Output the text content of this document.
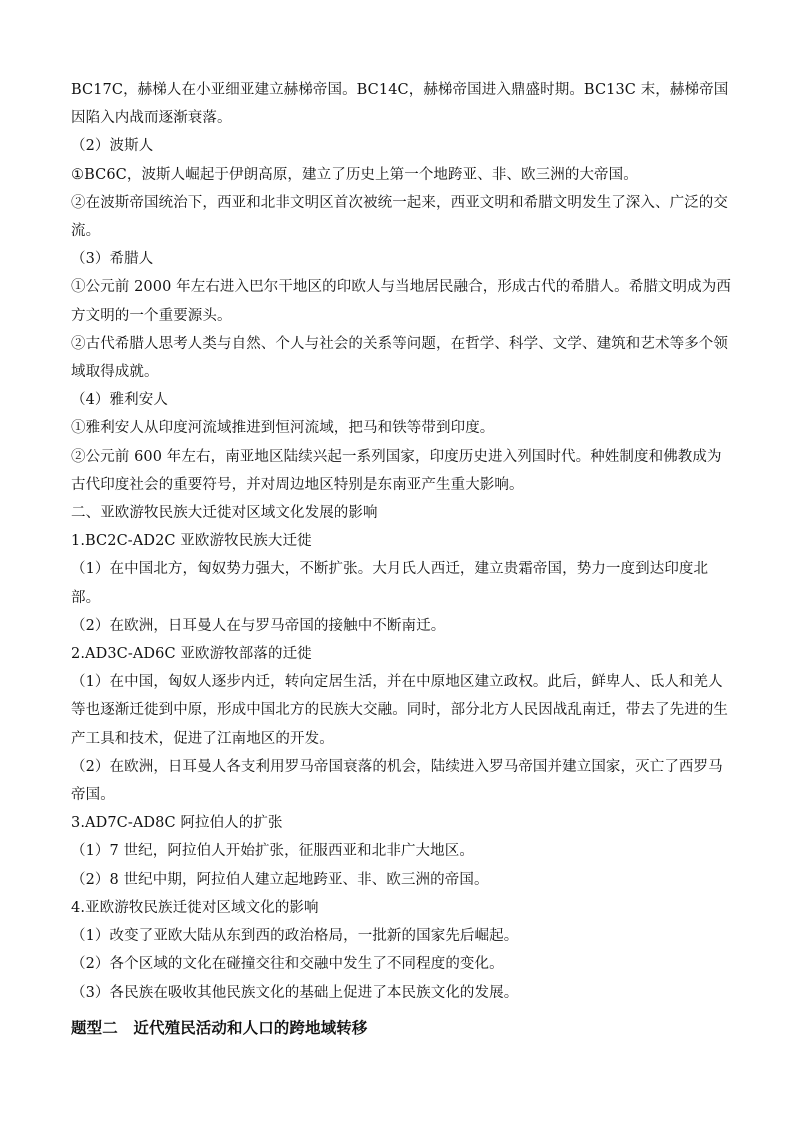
BC17C，赫梯人在小亚细亚建立赫梯帝国。BC14C，赫梯帝国进入鼎盛时期。BC13C 末，赫梯帝国因陷入内战而逐渐衰落。

（2）波斯人

①BC6C，波斯人崛起于伊朗高原，建立了历史上第一个地跨亚、非、欧三洲的大帝国。

②在波斯帝国统治下，西亚和北非文明区首次被统一起来，西亚文明和希腊文明发生了深入、广泛的交流。

（3）希腊人

①公元前 2000 年左右进入巴尔干地区的印欧人与当地居民融合，形成古代的希腊人。希腊文明成为西方文明的一个重要源头。

②古代希腊人思考人类与自然、个人与社会的关系等问题，在哲学、科学、文学、建筑和艺术等多个领域取得成就。

（4）雅利安人

①雅利安人从印度河流域推进到恒河流域，把马和铁等带到印度。

②公元前 600 年左右，南亚地区陆续兴起一系列国家，印度历史进入列国时代。种姓制度和佛教成为古代印度社会的重要符号，并对周边地区特别是东南亚产生重大影响。

二、亚欧游牧民族大迁徙对区域文化发展的影响

1.BC2C-AD2C 亚欧游牧民族大迁徙

（1）在中国北方，匈奴势力强大，不断扩张。大月氏人西迁，建立贵霜帝国，势力一度到达印度北部。

（2）在欧洲，日耳曼人在与罗马帝国的接触中不断南迁。

2.AD3C-AD6C 亚欧游牧部落的迁徙

（1）在中国，匈奴人逐步内迁，转向定居生活，并在中原地区建立政权。此后，鲜卑人、氐人和羌人等也逐渐迁徙到中原，形成中国北方的民族大交融。同时，部分北方人民因战乱南迁，带去了先进的生产工具和技术，促进了江南地区的开发。

（2）在欧洲，日耳曼人各支利用罗马帝国衰落的机会，陆续进入罗马帝国并建立国家，灭亡了西罗马帝国。

3.AD7C-AD8C 阿拉伯人的扩张

（1）7 世纪，阿拉伯人开始扩张，征服西亚和北非广大地区。

（2）8 世纪中期，阿拉伯人建立起地跨亚、非、欧三洲的帝国。

4.亚欧游牧民族迁徙对区域文化的影响

（1）改变了亚欧大陆从东到西的政治格局，一批新的国家先后崛起。

（2）各个区域的文化在碰撞交往和交融中发生了不同程度的变化。

（3）各民族在吸收其他民族文化的基础上促进了本民族文化的发展。

题型二　近代殖民活动和人口的跨地域转移
